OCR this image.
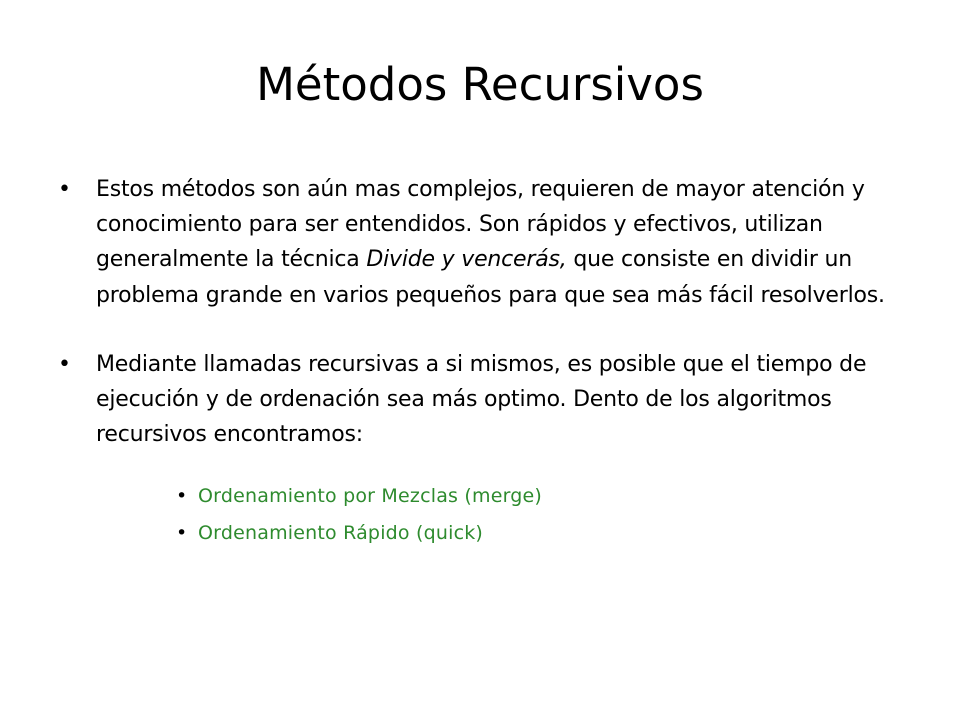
Métodos Recursivos
• Estos métodos son aún mas complejos, requieren de mayor atención y conocimiento para ser entendidos. Son rápidos y efectivos, utilizan generalmente la técnica Divide y vencerás, que consiste en dividir un problema grande en varios pequeños para que sea más fácil resolverlos.
• Mediante llamadas recursivas a si mismos, es posible que el tiempo de ejecución y de ordenación sea más optimo. Dento de los algoritmos recursivos encontramos:
• Ordenamiento por Mezclas (merge)
• Ordenamiento Rápido (quick)
